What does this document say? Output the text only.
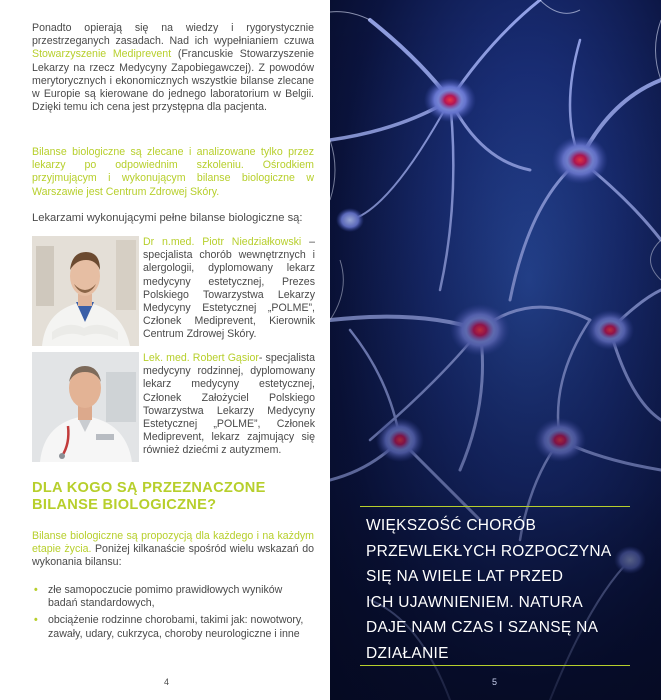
Ponadto opierają się na wiedzy i rygorystycznie przestrzeganych zasadach. Nad ich wypełnianiem czuwa Stowarzyszenie Mediprevent (Francuskie Stowarzyszenie Lekarzy na rzecz Medycyny Zapobiegawczej). Z powodów merytorycznych i ekonomicznych wszystkie bilanse zlecane w Europie są kierowane do jednego laboratorium w Belgii. Dzięki temu ich cena jest przystępna dla pacjenta.

Bilanse biologiczne są zlecane i analizowane tylko przez lekarzy po odpowiednim szkoleniu. Ośrodkiem przyjmującym i wykonującym bilanse biologiczne w Warszawie jest Centrum Zdrowej Skóry.

Lekarzami wykonującymi pełne bilanse biologiczne są:

Dr n.med. Piotr Niedziałkowski – specjalista chorób wewnętrznych i alergologii, dyplomowany lekarz medycyny estetycznej, Prezes Polskiego Towarzystwa Lekarzy Medycyny Estetycznej „POLME”, Członek Mediprevent, Kierownik Centrum Zdrowej Skóry.

Lek. med. Robert Gąsior- specjalista medycyny rodzinnej, dyplomowany lekarz medycyny estetycznej, Członek Założyciel Polskiego Towarzystwa Lekarzy Medycyny Estetycznej „POLME”, Członek Mediprevent, lekarz zajmujący się również dziećmi z autyzmem.

DLA KOGO SĄ PRZEZNACZONE BILANSE BIOLOGICZNE?

Bilanse biologiczne są propozycją dla każdego i na każdym etapie życia. Poniżej kilkanaście spośród wielu wskazań do wykonania bilansu:

• złe samopoczucie pomimo prawidłowych wyników badań standardowych,
• obciążenie rodzinne chorobami, takimi jak: nowotwory, zawały, udary, cukrzyca, choroby neurologiczne i inne
4
WIĘKSZOŚĆ CHORÓB
PRZEWLEKŁYCH ROZPOCZYNA
SIĘ NA WIELE LAT PRZED
ICH UJAWNIENIEM. NATURA
DAJE NAM CZAS I SZANSĘ NA
DZIAŁANIE
5
